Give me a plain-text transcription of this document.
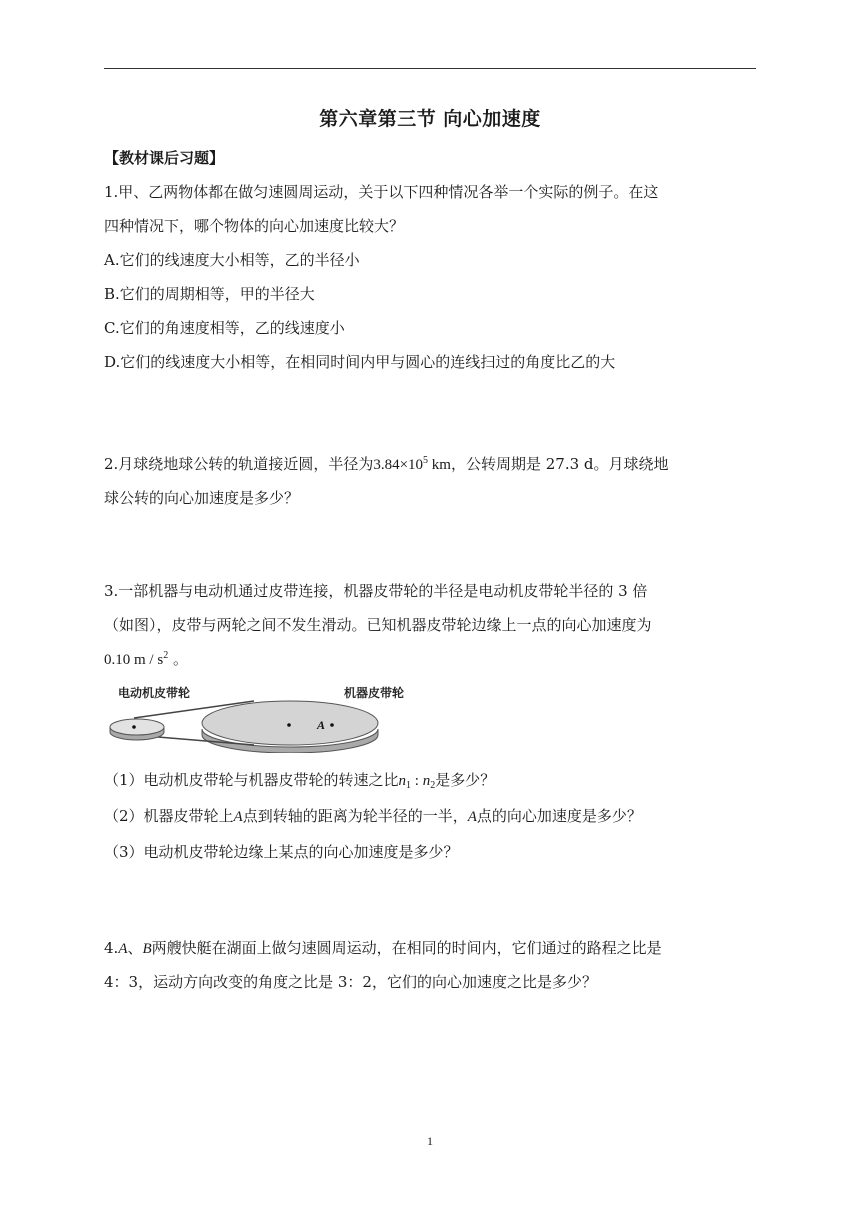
第六章第三节 向心加速度
【教材课后习题】
1.甲、乙两物体都在做匀速圆周运动，关于以下四种情况各举一个实际的例子。在这
四种情况下，哪个物体的向心加速度比较大？
A.它们的线速度大小相等，乙的半径小
B.它们的周期相等，甲的半径大
C.它们的角速度相等，乙的线速度小
D.它们的线速度大小相等，在相同时间内甲与圆心的连线扫过的角度比乙的大
2.月球绕地球公转的轨道接近圆，半径为$3.84\times 10^5$ km，公转周期是 27.3 d。月球绕地
球公转的向心加速度是多少？
3.一部机器与电动机通过皮带连接，机器皮带轮的半径是电动机皮带轮半径的 3 倍
（如图），皮带与两轮之间不发生滑动。已知机器皮带轮边缘上一点的向心加速度为
0.10 m / $s^2$ 。
电动机皮带轮	机器皮带轮
A
（1）电动机皮带轮与机器皮带轮的转速之比$n_1$ : $n_2$是多少？
（2）机器皮带轮上A点到转轴的距离为轮半径的一半，A点的向心加速度是多少？
（3）电动机皮带轮边缘上某点的向心加速度是多少？
4.A、B两艘快艇在湖面上做匀速圆周运动，在相同的时间内，它们通过的路程之比是
4：3，运动方向改变的角度之比是 3：2，它们的向心加速度之比是多少？
1
